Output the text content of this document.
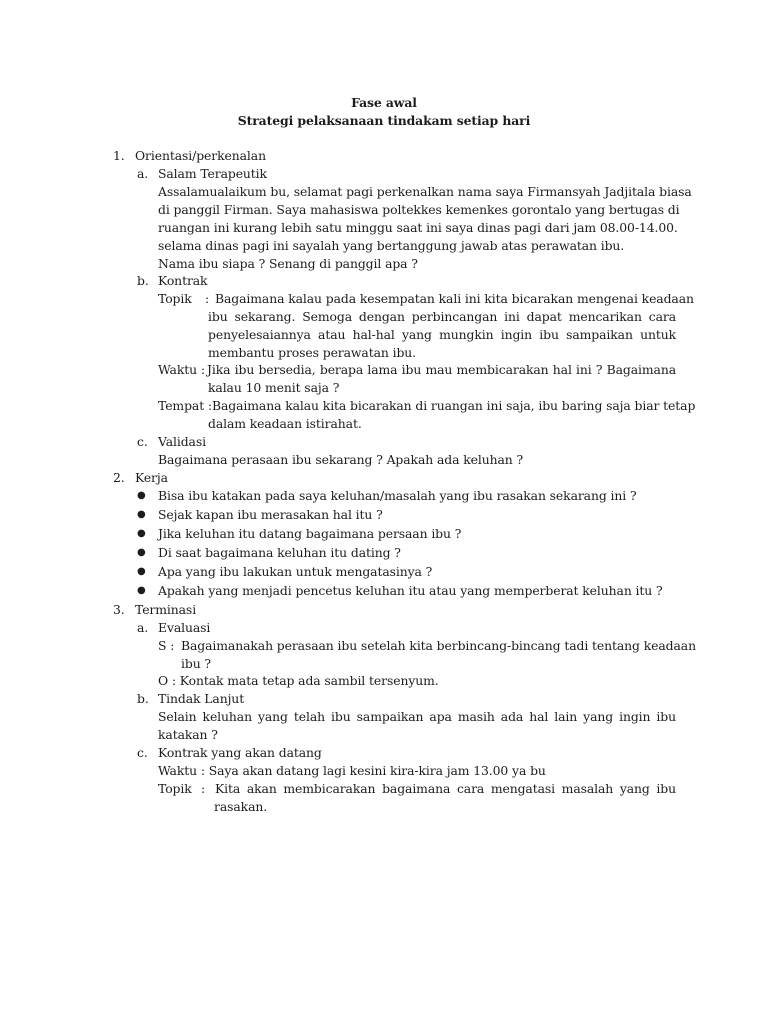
Fase awal
Strategi pelaksanaan tindakam setiap hari
1. Orientasi/perkenalan
a. Salam Terapeutik
Assalamualaikum bu, selamat pagi perkenalkan nama saya Firmansyah Jadjitala biasa
di panggil Firman. Saya mahasiswa poltekkes kemenkes gorontalo yang bertugas di
ruangan ini kurang lebih satu minggu saat ini saya dinas pagi dari jam 08.00-14.00.
selama dinas pagi ini sayalah yang bertanggung jawab atas perawatan ibu.
Nama ibu siapa ? Senang di panggil apa ?
b. Kontrak
Topik : Bagaimana kalau pada kesempatan kali ini kita bicarakan mengenai keadaan
ibu sekarang. Semoga dengan perbincangan ini dapat mencarikan cara
penyelesaiannya atau hal-hal yang mungkin ingin ibu sampaikan untuk
membantu proses perawatan ibu.
Waktu : Jika ibu bersedia, berapa lama ibu mau membicarakan hal ini ? Bagaimana
kalau 10 menit saja ?
Tempat : Bagaimana kalau kita bicarakan di ruangan ini saja, ibu baring saja biar tetap
dalam keadaan istirahat.
c. Validasi
Bagaimana perasaan ibu sekarang ? Apakah ada keluhan ?
2. Kerja
● Bisa ibu katakan pada saya keluhan/masalah yang ibu rasakan sekarang ini ?
● Sejak kapan ibu merasakan hal itu ?
● Jika keluhan itu datang bagaimana persaan ibu ?
● Di saat bagaimana keluhan itu dating ?
● Apa yang ibu lakukan untuk mengatasinya ?
● Apakah yang menjadi pencetus keluhan itu atau yang memperberat keluhan itu ?
3. Terminasi
a. Evaluasi
S : Bagaimanakah perasaan ibu setelah kita berbincang-bincang tadi tentang keadaan
ibu ?
O : Kontak mata tetap ada sambil tersenyum.
b. Tindak Lanjut
Selain keluhan yang telah ibu sampaikan apa masih ada hal lain yang ingin ibu
katakan ?
c. Kontrak yang akan datang
Waktu : Saya akan datang lagi kesini kira-kira jam 13.00 ya bu
Topik : Kita akan membicarakan bagaimana cara mengatasi masalah yang ibu
rasakan.
